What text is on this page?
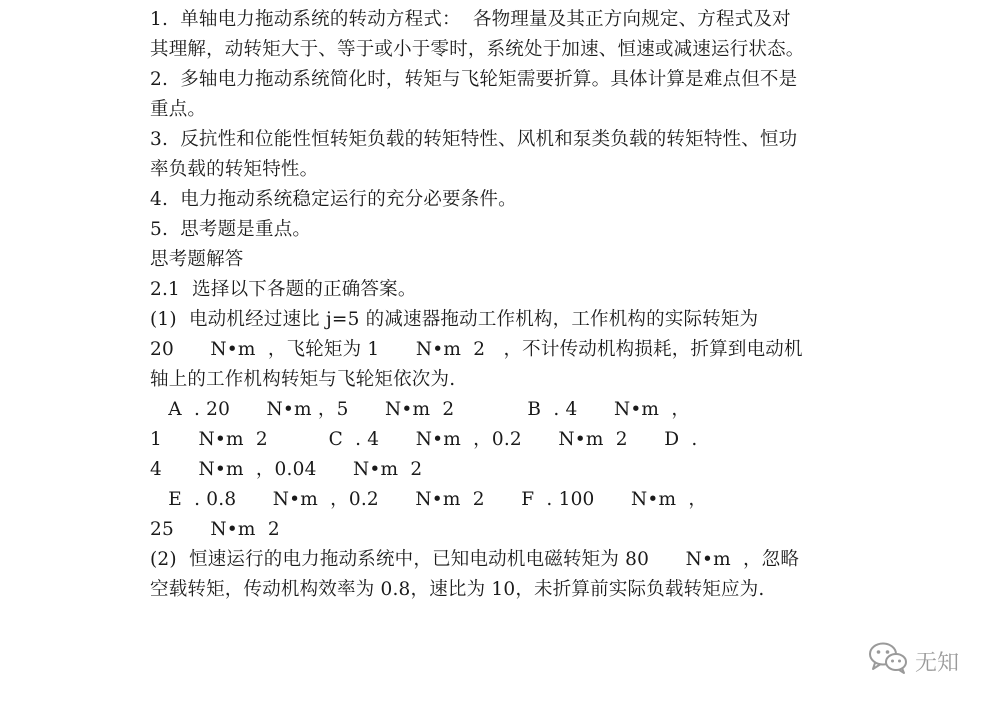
1.  单轴电力拖动系统的转动方程式：  各物理量及其正方向规定、方程式及对
其理解，动转矩大于、等于或小于零时，系统处于加速、恒速或减速运行状态。
2.  多轴电力拖动系统简化时，转矩与飞轮矩需要折算。具体计算是难点但不是
重点。
3.  反抗性和位能性恒转矩负载的转矩特性、风机和泵类负载的转矩特性、恒功
率负载的转矩特性。
4.  电力拖动系统稳定运行的充分必要条件。
5.  思考题是重点。
思考题解答
2.1  选择以下各题的正确答案。
(1)  电动机经过速比 j=5 的减速器拖动工作机构，工作机构的实际转矩为
20      N•m  ，飞轮矩为 1      N•m  2   ，不计传动机构损耗，折算到电动机
轴上的工作机构转矩与飞轮矩依次为.
A  . 20      N•m ，5      N•m  2            B  . 4      N•m  ，
1      N•m  2          C  . 4      N•m  ，0.2      N•m  2      D  .
4      N•m  ，0.04      N•m  2
E  . 0.8      N•m  ，0.2      N•m  2      F  . 100      N•m  ，
25      N•m  2
(2)  恒速运行的电力拖动系统中，已知电动机电磁转矩为 80      N•m  ，忽略
空载转矩，传动机构效率为 0.8，速比为 10，未折算前实际负载转矩应为.
无知
